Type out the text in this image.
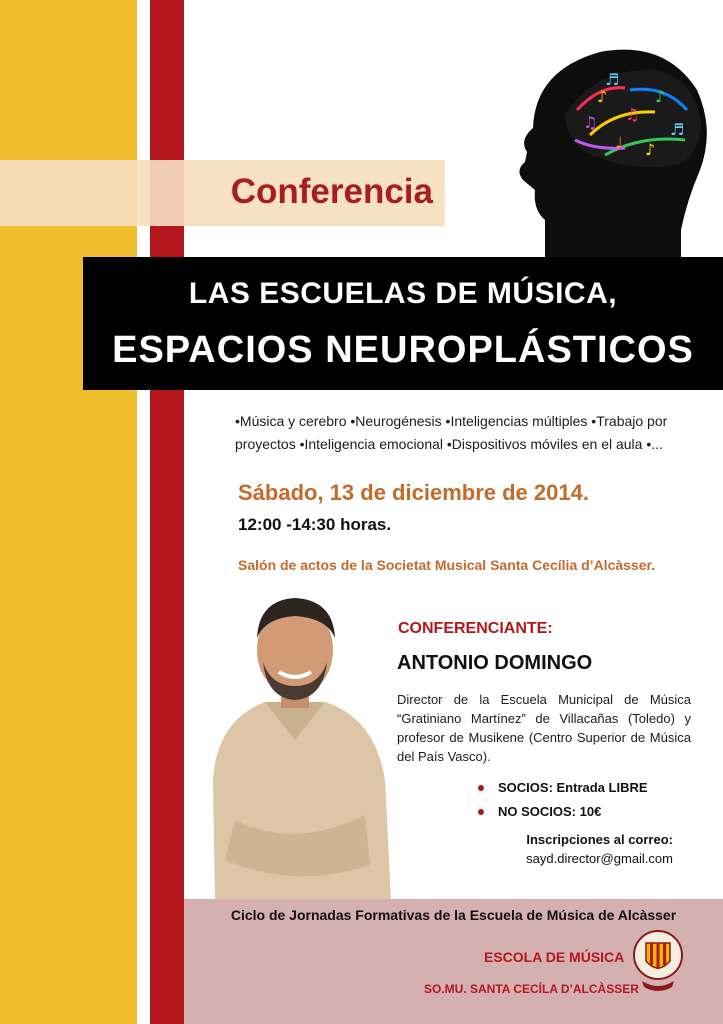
Conferencia
♪
♫
♪
♬
♩
♫
♪
♬
LAS ESCUELAS DE MÚSICA,
ESPACIOS NEUROPLÁSTICOS
•Música y cerebro •Neurogénesis •Inteligencias múltiples •Trabajo por proyectos •Inteligencia emocional •Dispositivos móviles en el aula •...
Sábado, 13 de diciembre de 2014.
12:00 -14:30 horas.
Salón de actos de la Societat Musical Santa Cecília d’Alcàsser.
CONFERENCIANTE:
ANTONIO DOMINGO
Director de la Escuela Municipal de Música “Gratiniano Martínez” de Villacañas (Toledo) y profesor de Musikene (Centro Superior de Música del País Vasco).
SOCIOS: Entrada LIBRE
NO SOCIOS: 10€
Inscripciones al correo:
sayd.director@gmail.com
Ciclo de Jornadas Formativas de la Escuela de Música de Alcàsser
ESCOLA DE MÚSICA
SO.MU. SANTA CECÍLA D’ALCÀSSER
